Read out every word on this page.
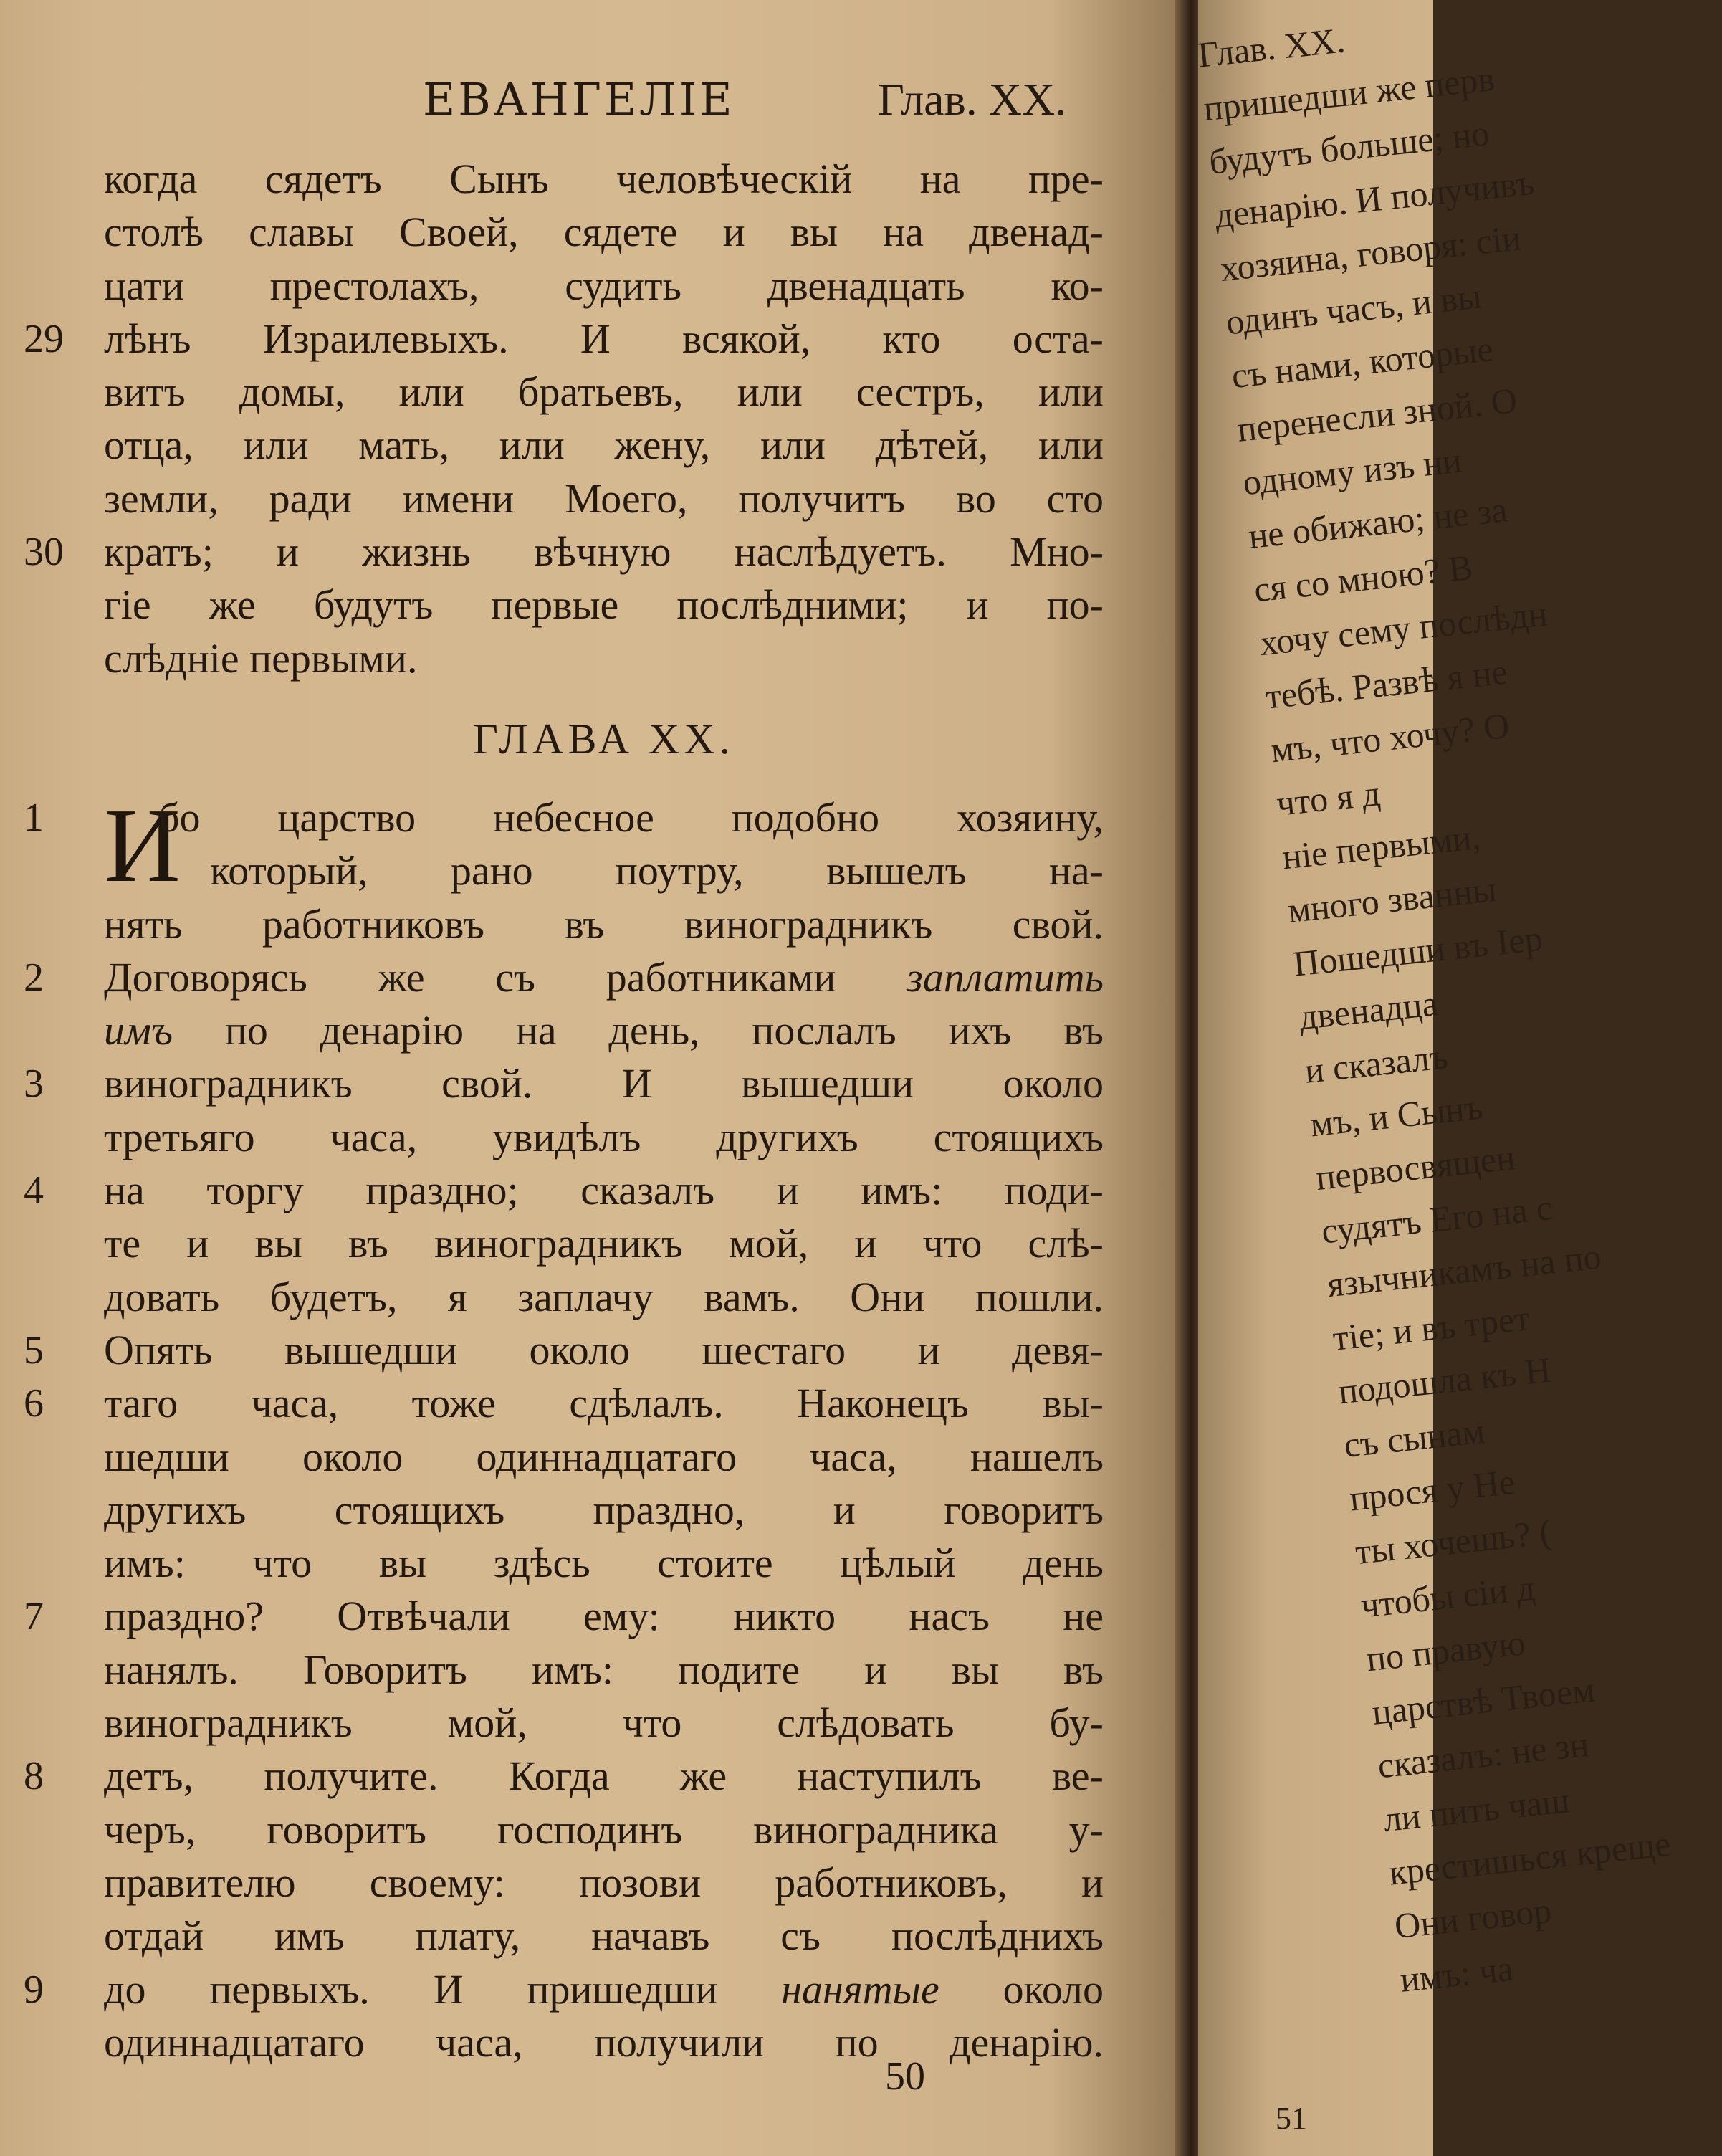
ЕВАНГЕЛІЕ	Глав. XX.
когда сядетъ Сынъ человѣческій на пре-
столѣ славы Своей, сядете и вы на двенад-
цати престолахъ, судить двенадцать ко-
29 лѣнъ Израилевыхъ. И всякой, кто оста-
витъ домы, или братьевъ, или сестръ, или
отца, или мать, или жену, или дѣтей, или
земли, ради имени Моего, получитъ во сто
30 кратъ; и жизнь вѣчную наслѣдуетъ. Мно-
гіе же будутъ первые послѣдними; и по-
слѣдніе первыми.
ГЛАВА XX.
И
1	бо царство небесное подобно хозяину,
который, рано поутру, вышелъ на-
нять работниковъ въ виноградникъ свой.
2	Договорясь же съ работниками заплатить
имъ по денарію на день, послалъ ихъ въ
3	виноградникъ свой. И вышедши около
третьяго часа, увидѣлъ другихъ стоящихъ
4	на торгу праздно; сказалъ и имъ: поди-
те и вы въ виноградникъ мой, и что слѣ-
довать будетъ, я заплачу вамъ. Они пошли.
5	Опять вышедши около шестаго и девя-
6	таго часа, тоже сдѣлалъ. Наконецъ вы-
шедши около одиннадцатаго часа, нашелъ
другихъ стоящихъ праздно, и говоритъ
имъ: что вы здѣсь стоите цѣлый день
7	праздно? Отвѣчали ему: никто насъ не
нанялъ. Говоритъ имъ: подите и вы въ
виноградникъ мой, что слѣдовать бу-
8	детъ, получите. Когда же наступилъ ве-
черъ, говоритъ господинъ виноградника у-
правителю своему: позови работниковъ, и
отдай имъ плату, начавъ съ послѣднихъ
9	до первыхъ. И пришедши нанятые около
одиннадцатаго часа, получили по денарію.
50
Глав. XX.
пришедши же перв
будутъ больше; но
денарію. И получивъ
хозяина, говоря: сіи
одинъ часъ, и вы
съ нами, которые
перенесли зной. О
одному изъ ни
не обижаю; не за
ся со мною? В
хочу сему послѣдн
тебѣ. Развѣ я не
мъ, что хочу? О
что я д
ніе первыми,
много званны
Пошедши въ Іер
двенадца
и сказалъ
мъ, и Сынъ
первосвящен
судятъ Его на с
язычникамъ на по
тіе; и въ трет
подошла къ Н
съ сынам
прося у Не
ты хочешь? (
чтобы сіи д
по правую
царствѣ Твоем
сказалъ: не зн
ли пить чаш
крестишься креще
Они говор
имъ: ча
51
